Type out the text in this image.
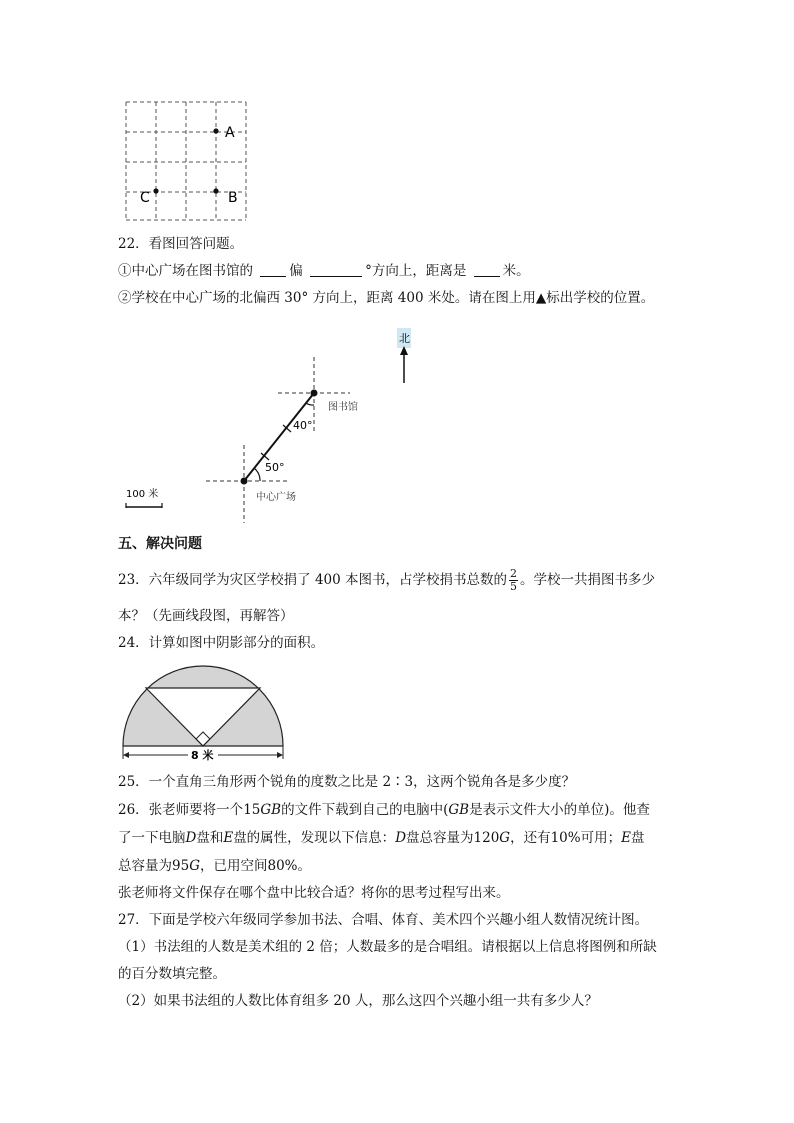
A
B
C
22．看图回答问题。
①中心广场在图书馆的	偏	°方向上，距离是	米。
②学校在中心广场的北偏西 30° 方向上，距离 400 米处。请在图上用▲标出学校的位置。
北
图书馆
40°
50°
中心广场
100 米
五、解决问题
23．六年级同学为灾区学校捐了 400 本图书，占学校捐书总数的 $\frac{2}{5}$ 。学校一共捐图书多少
本？（先画线段图，再解答）
24．计算如图中阴影部分的面积。
8 米
25．一个直角三角形两个锐角的度数之比是 2∶3，这两个锐角各是多少度？
26．张老师要将一个15GB的文件下载到自己的电脑中(GB是表示文件大小的单位)。他查
了一下电脑D盘和E盘的属性，发现以下信息：D盘总容量为120G，还有10%可用；E盘
总容量为95G，已用空间80%。
张老师将文件保存在哪个盘中比较合适？将你的思考过程写出来。
27．下面是学校六年级同学参加书法、合唱、体育、美术四个兴趣小组人数情况统计图。
（1）书法组的人数是美术组的 2 倍；人数最多的是合唱组。请根据以上信息将图例和所缺
的百分数填完整。
（2）如果书法组的人数比体育组多 20 人，那么这四个兴趣小组一共有多少人？
